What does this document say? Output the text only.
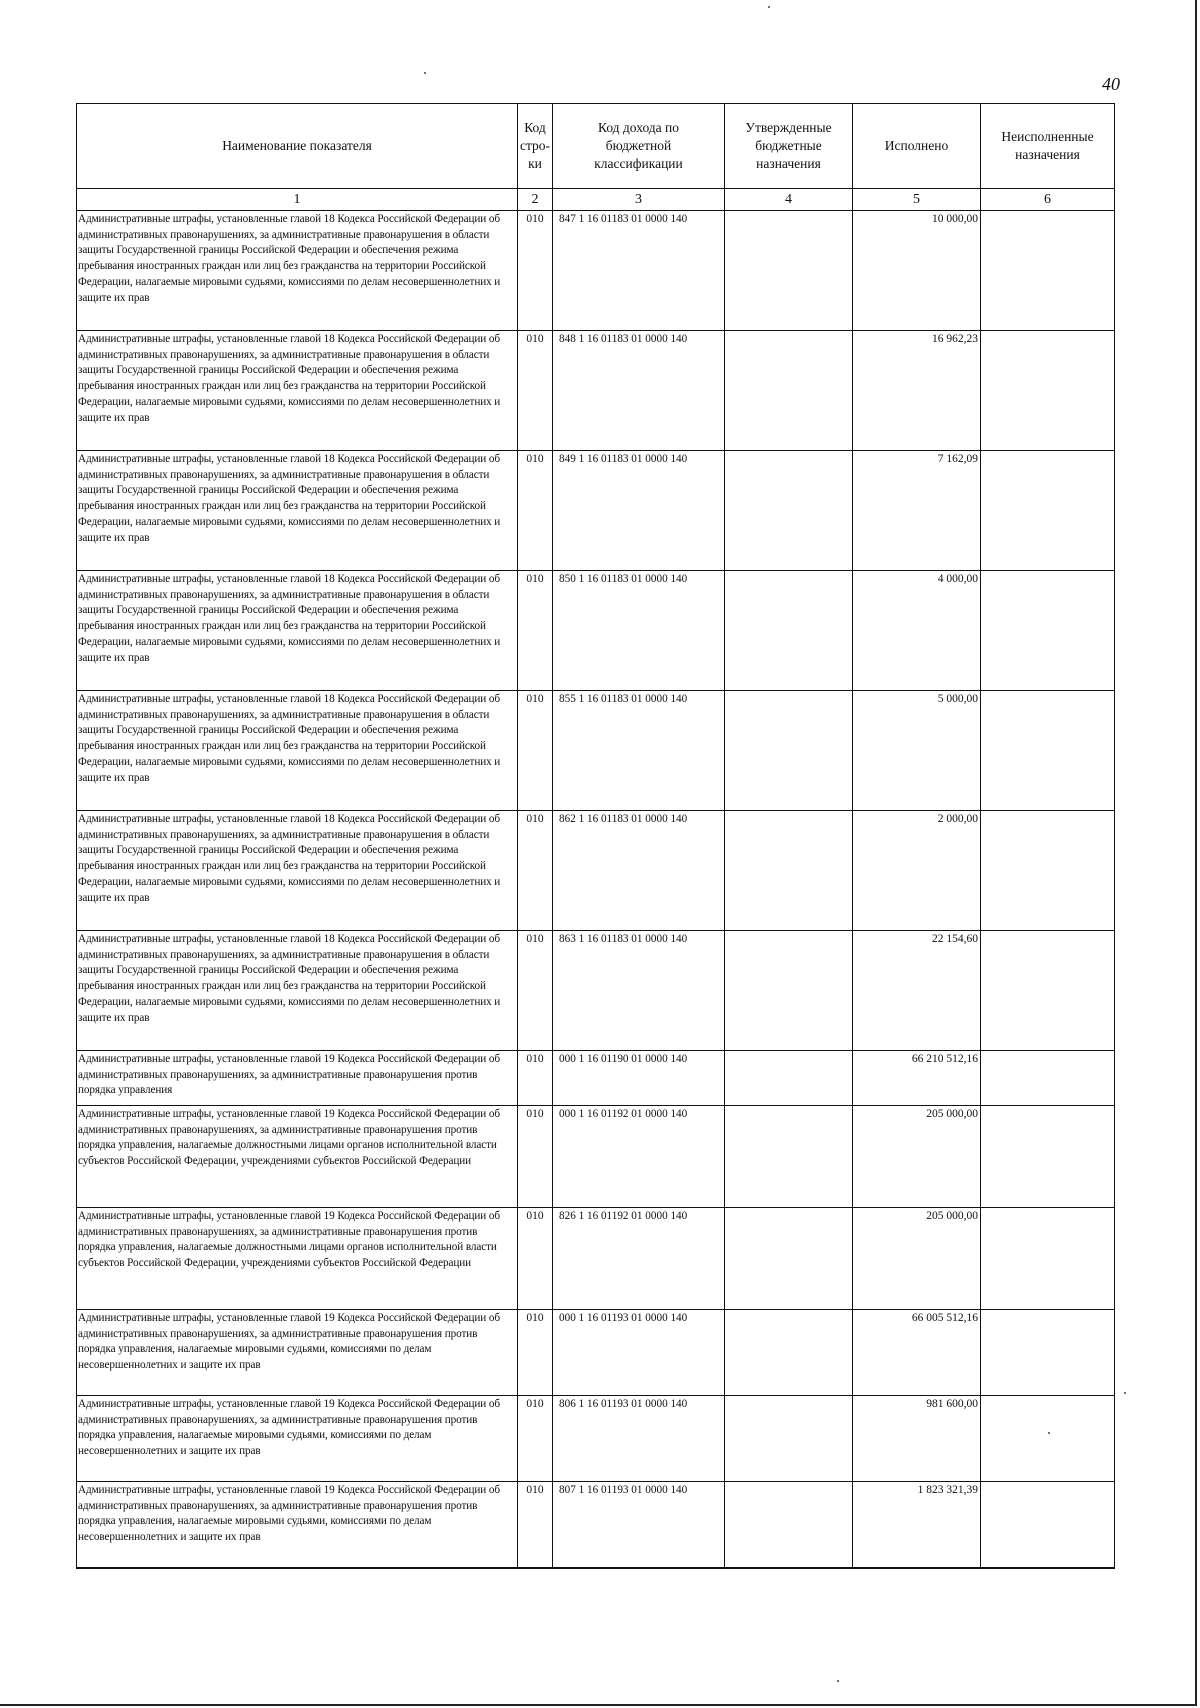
40
Наименование показателя	Код стро- ки	Код дохода по бюджетной классификации	Утвержденные бюджетные назначения	Исполнено	Неисполненные назначения
1	2	3	4	5	6
Административные штрафы, установленные главой 18 Кодекса Российской Федерации об административных правонарушениях, за административные правонарушения в области защиты Государственной границы Российской Федерации и обеспечения режима пребывания иностранных граждан или лиц без гражданства на территории Российской Федерации, налагаемые мировыми судьями, комиссиями по делам несовершеннолетних и защите их прав	010	847 1 16 01183 01 0000 140		10 000,00	
Административные штрафы, установленные главой 18 Кодекса Российской Федерации об административных правонарушениях, за административные правонарушения в области защиты Государственной границы Российской Федерации и обеспечения режима пребывания иностранных граждан или лиц без гражданства на территории Российской Федерации, налагаемые мировыми судьями, комиссиями по делам несовершеннолетних и защите их прав	010	848 1 16 01183 01 0000 140		16 962,23	
Административные штрафы, установленные главой 18 Кодекса Российской Федерации об административных правонарушениях, за административные правонарушения в области защиты Государственной границы Российской Федерации и обеспечения режима пребывания иностранных граждан или лиц без гражданства на территории Российской Федерации, налагаемые мировыми судьями, комиссиями по делам несовершеннолетних и защите их прав	010	849 1 16 01183 01 0000 140		7 162,09	
Административные штрафы, установленные главой 18 Кодекса Российской Федерации об административных правонарушениях, за административные правонарушения в области защиты Государственной границы Российской Федерации и обеспечения режима пребывания иностранных граждан или лиц без гражданства на территории Российской Федерации, налагаемые мировыми судьями, комиссиями по делам несовершеннолетних и защите их прав	010	850 1 16 01183 01 0000 140		4 000,00	
Административные штрафы, установленные главой 18 Кодекса Российской Федерации об административных правонарушениях, за административные правонарушения в области защиты Государственной границы Российской Федерации и обеспечения режима пребывания иностранных граждан или лиц без гражданства на территории Российской Федерации, налагаемые мировыми судьями, комиссиями по делам несовершеннолетних и защите их прав	010	855 1 16 01183 01 0000 140		5 000,00	
Административные штрафы, установленные главой 18 Кодекса Российской Федерации об административных правонарушениях, за административные правонарушения в области защиты Государственной границы Российской Федерации и обеспечения режима пребывания иностранных граждан или лиц без гражданства на территории Российской Федерации, налагаемые мировыми судьями, комиссиями по делам несовершеннолетних и защите их прав	010	862 1 16 01183 01 0000 140		2 000,00	
Административные штрафы, установленные главой 18 Кодекса Российской Федерации об административных правонарушениях, за административные правонарушения в области защиты Государственной границы Российской Федерации и обеспечения режима пребывания иностранных граждан или лиц без гражданства на территории Российской Федерации, налагаемые мировыми судьями, комиссиями по делам несовершеннолетних и защите их прав	010	863 1 16 01183 01 0000 140		22 154,60	
Административные штрафы, установленные главой 19 Кодекса Российской Федерации об административных правонарушениях, за административные правонарушения против порядка управления	010	000 1 16 01190 01 0000 140		66 210 512,16	
Административные штрафы, установленные главой 19 Кодекса Российской Федерации об административных правонарушениях, за административные правонарушения против порядка управления, налагаемые должностными лицами органов исполнительной власти субъектов Российской Федерации, учреждениями субъектов Российской Федерации	010	000 1 16 01192 01 0000 140		205 000,00	
Административные штрафы, установленные главой 19 Кодекса Российской Федерации об административных правонарушениях, за административные правонарушения против порядка управления, налагаемые должностными лицами органов исполнительной власти субъектов Российской Федерации, учреждениями субъектов Российской Федерации	010	826 1 16 01192 01 0000 140		205 000,00	
Административные штрафы, установленные главой 19 Кодекса Российской Федерации об административных правонарушениях, за административные правонарушения против порядка управления, налагаемые мировыми судьями, комиссиями по делам несовершеннолетних и защите их прав	010	000 1 16 01193 01 0000 140		66 005 512,16	
Административные штрафы, установленные главой 19 Кодекса Российской Федерации об административных правонарушениях, за административные правонарушения против порядка управления, налагаемые мировыми судьями, комиссиями по делам несовершеннолетних и защите их прав	010	806 1 16 01193 01 0000 140		981 600,00	
Административные штрафы, установленные главой 19 Кодекса Российской Федерации об административных правонарушениях, за административные правонарушения против порядка управления, налагаемые мировыми судьями, комиссиями по делам несовершеннолетних и защите их прав	010	807 1 16 01193 01 0000 140		1 823 321,39	
